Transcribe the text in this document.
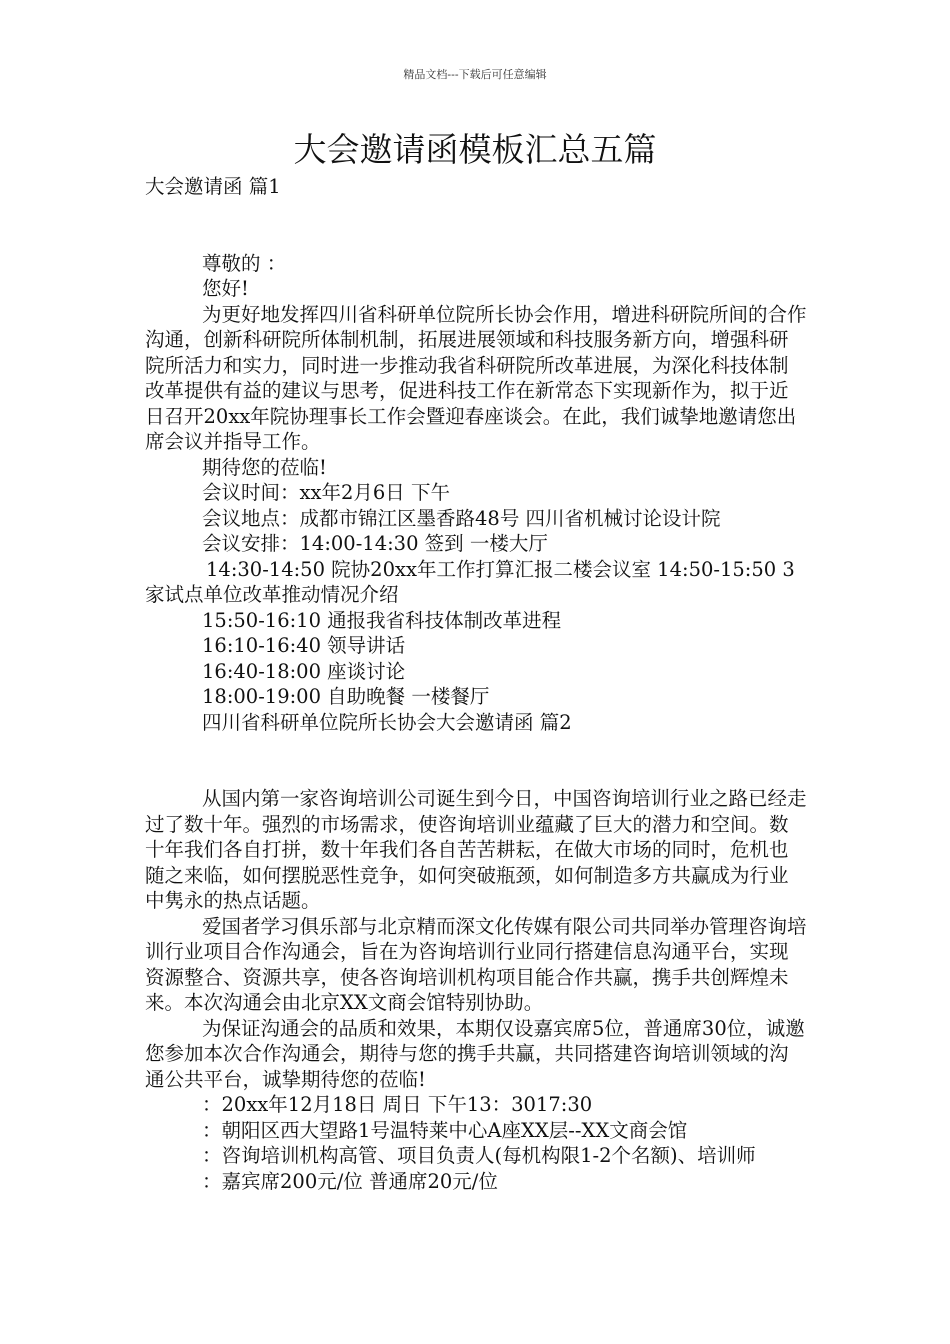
精品文档---下载后可任意编辑
大会邀请函模板汇总五篇

大会邀请函 篇1

尊敬的 ：

您好!

为更好地发挥四川省科研单位院所长协会作用，增进科研院所间的合作沟通，创新科研院所体制机制，拓展进展领域和科技服务新方向，增强科研院所活力和实力，同时进一步推动我省科研院所改革进展，为深化科技体制改革提供有益的建议与思考，促进科技工作在新常态下实现新作为，拟于近日召开20xx年院协理事长工作会暨迎春座谈会。在此，我们诚挚地邀请您出席会议并指导工作。

期待您的莅临!

会议时间：xx年2月6日 下午

会议地点：成都市锦江区墨香路48号 四川省机械讨论设计院

会议安排：14:00-14:30 签到 一楼大厅

14:30-14:50 院协20xx年工作打算汇报二楼会议室 14:50-15:50 3家试点单位改革推动情况介绍

15:50-16:10 通报我省科技体制改革进程

16:10-16:40 领导讲话

16:40-18:00 座谈讨论

18:00-19:00 自助晚餐 一楼餐厅

四川省科研单位院所长协会大会邀请函 篇2

从国内第一家咨询培训公司诞生到今日，中国咨询培训行业之路已经走过了数十年。强烈的市场需求，使咨询培训业蕴藏了巨大的潜力和空间。数十年我们各自打拼，数十年我们各自苦苦耕耘，在做大市场的同时，危机也随之来临，如何摆脱恶性竞争，如何突破瓶颈，如何制造多方共赢成为行业中隽永的热点话题。

爱国者学习俱乐部与北京精而深文化传媒有限公司共同举办管理咨询培训行业项目合作沟通会，旨在为咨询培训行业同行搭建信息沟通平台，实现资源整合、资源共享，使各咨询培训机构项目能合作共赢，携手共创辉煌未来。本次沟通会由北京XX文商会馆特别协助。

为保证沟通会的品质和效果，本期仅设嘉宾席5位，普通席30位，诚邀您参加本次合作沟通会，期待与您的携手共赢，共同搭建咨询培训领域的沟通公共平台，诚挚期待您的莅临!

：20xx年12月18日 周日 下午13：3017:30

：朝阳区西大望路1号温特莱中心A座XX层--XX文商会馆

：咨询培训机构高管、项目负责人(每机构限1-2个名额)、培训师

：嘉宾席200元/位 普通席20元/位
